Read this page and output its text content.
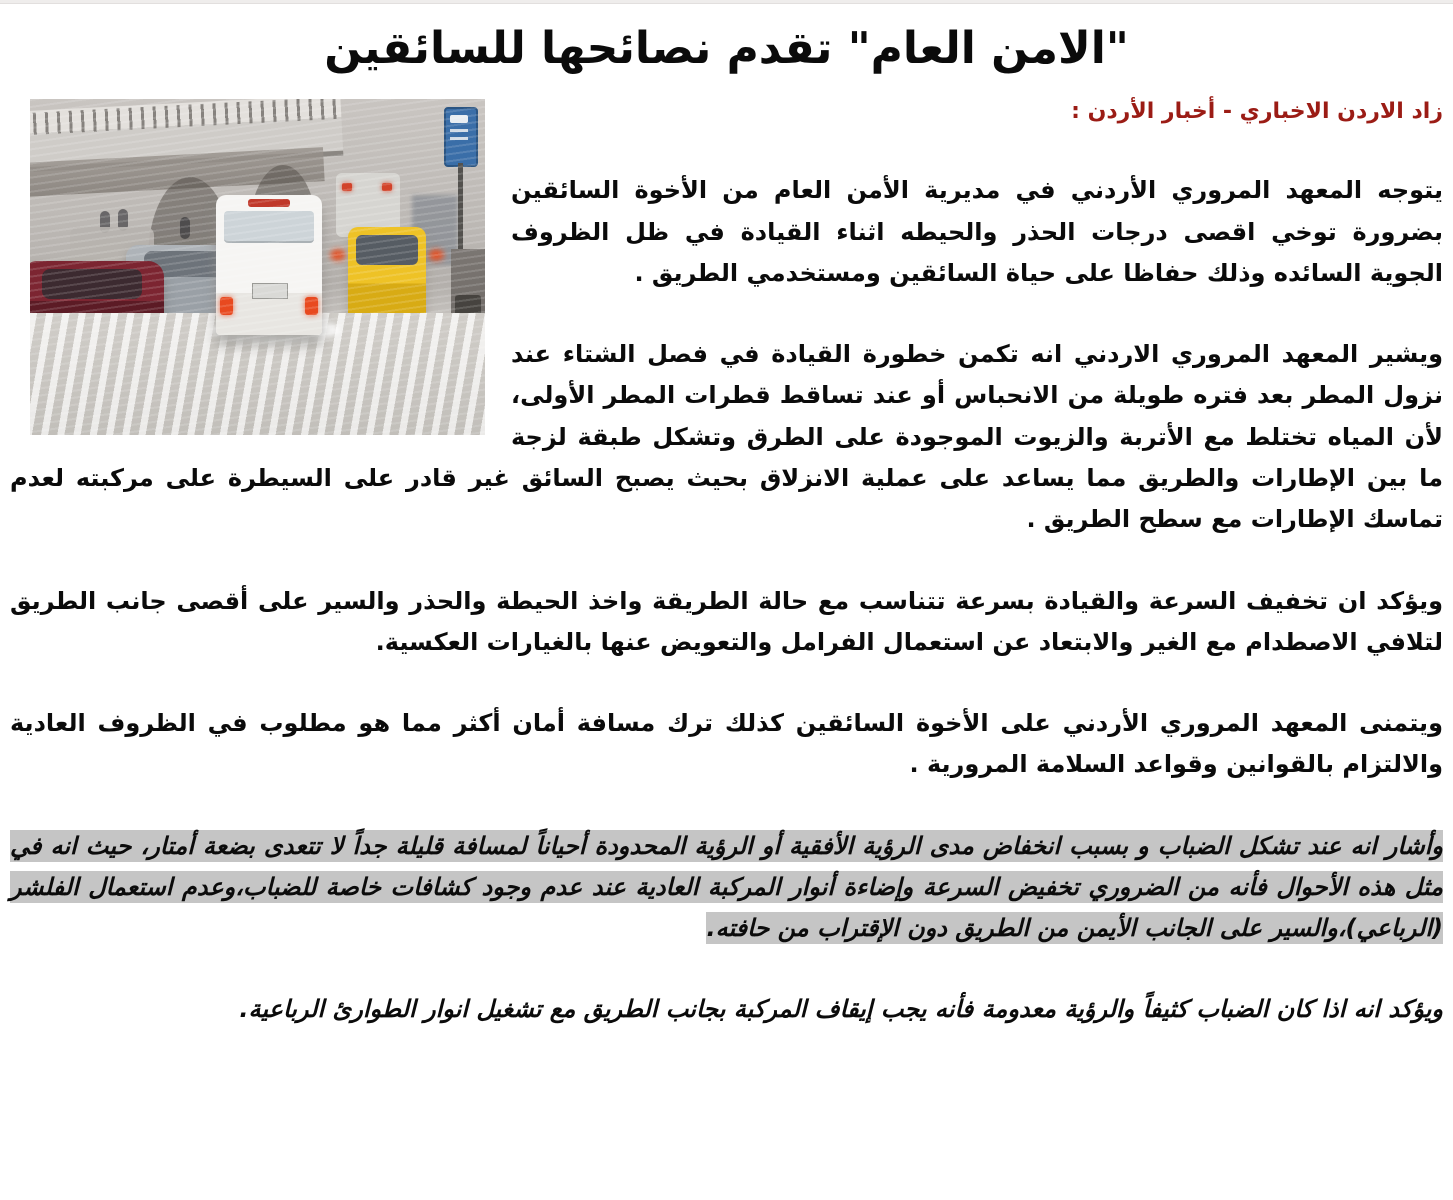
"الامن العام" تقدم نصائحها للسائقين

زاد الاردن الاخباري - أخبار الأردن :

يتوجه المعهد المروري الأردني في مديرية الأمن العام من الأخوة السائقين بضرورة توخي اقصى درجات الحذر والحيطه اثناء القيادة في ظل الظروف الجوية السائده وذلك حفاظا على حياة السائقين ومستخدمي الطريق .

ويشير المعهد المروري الاردني انه تكمن خطورة القيادة في فصل الشتاء عند نزول المطر بعد فتره طويلة من الانحباس أو عند تساقط قطرات المطر الأولى، لأن المياه تختلط مع الأتربة والزيوت الموجودة على الطرق وتشكل طبقة لزجة ما بين الإطارات والطريق مما يساعد على عملية الانزلاق بحيث يصبح السائق غير قادر على السيطرة على مركبته لعدم تماسك الإطارات مع سطح الطريق .

ويؤكد ان تخفيف السرعة والقيادة بسرعة تتناسب مع حالة الطريقة واخذ الحيطة والحذر والسير على أقصى جانب الطريق لتلافي الاصطدام مع الغير والابتعاد عن استعمال الفرامل والتعويض عنها بالغيارات العكسية.

ويتمنى المعهد المروري الأردني على الأخوة السائقين كذلك ترك مسافة أمان أكثر مما هو مطلوب في الظروف العادية والالتزام بالقوانين وقواعد السلامة المرورية .

وأشار انه عند تشكل الضباب و بسبب انخفاض مدى الرؤية الأفقية أو الرؤية المحدودة أحياناً لمسافة قليلة جداً لا تتعدى بضعة أمتار، حيث انه في مثل هذه الأحوال فأنه من الضروري تخفيض السرعة وإضاءة أنوار المركبة العادية عند عدم وجود كشافات خاصة للضباب،وعدم استعمال الفلشر (الرباعي)،والسير على الجانب الأيمن من الطريق دون الإقتراب من حافته.

ويؤكد انه اذا كان الضباب كثيفاً والرؤية معدومة فأنه يجب إيقاف المركبة بجانب الطريق مع تشغيل انوار الطوارئ الرباعية.
